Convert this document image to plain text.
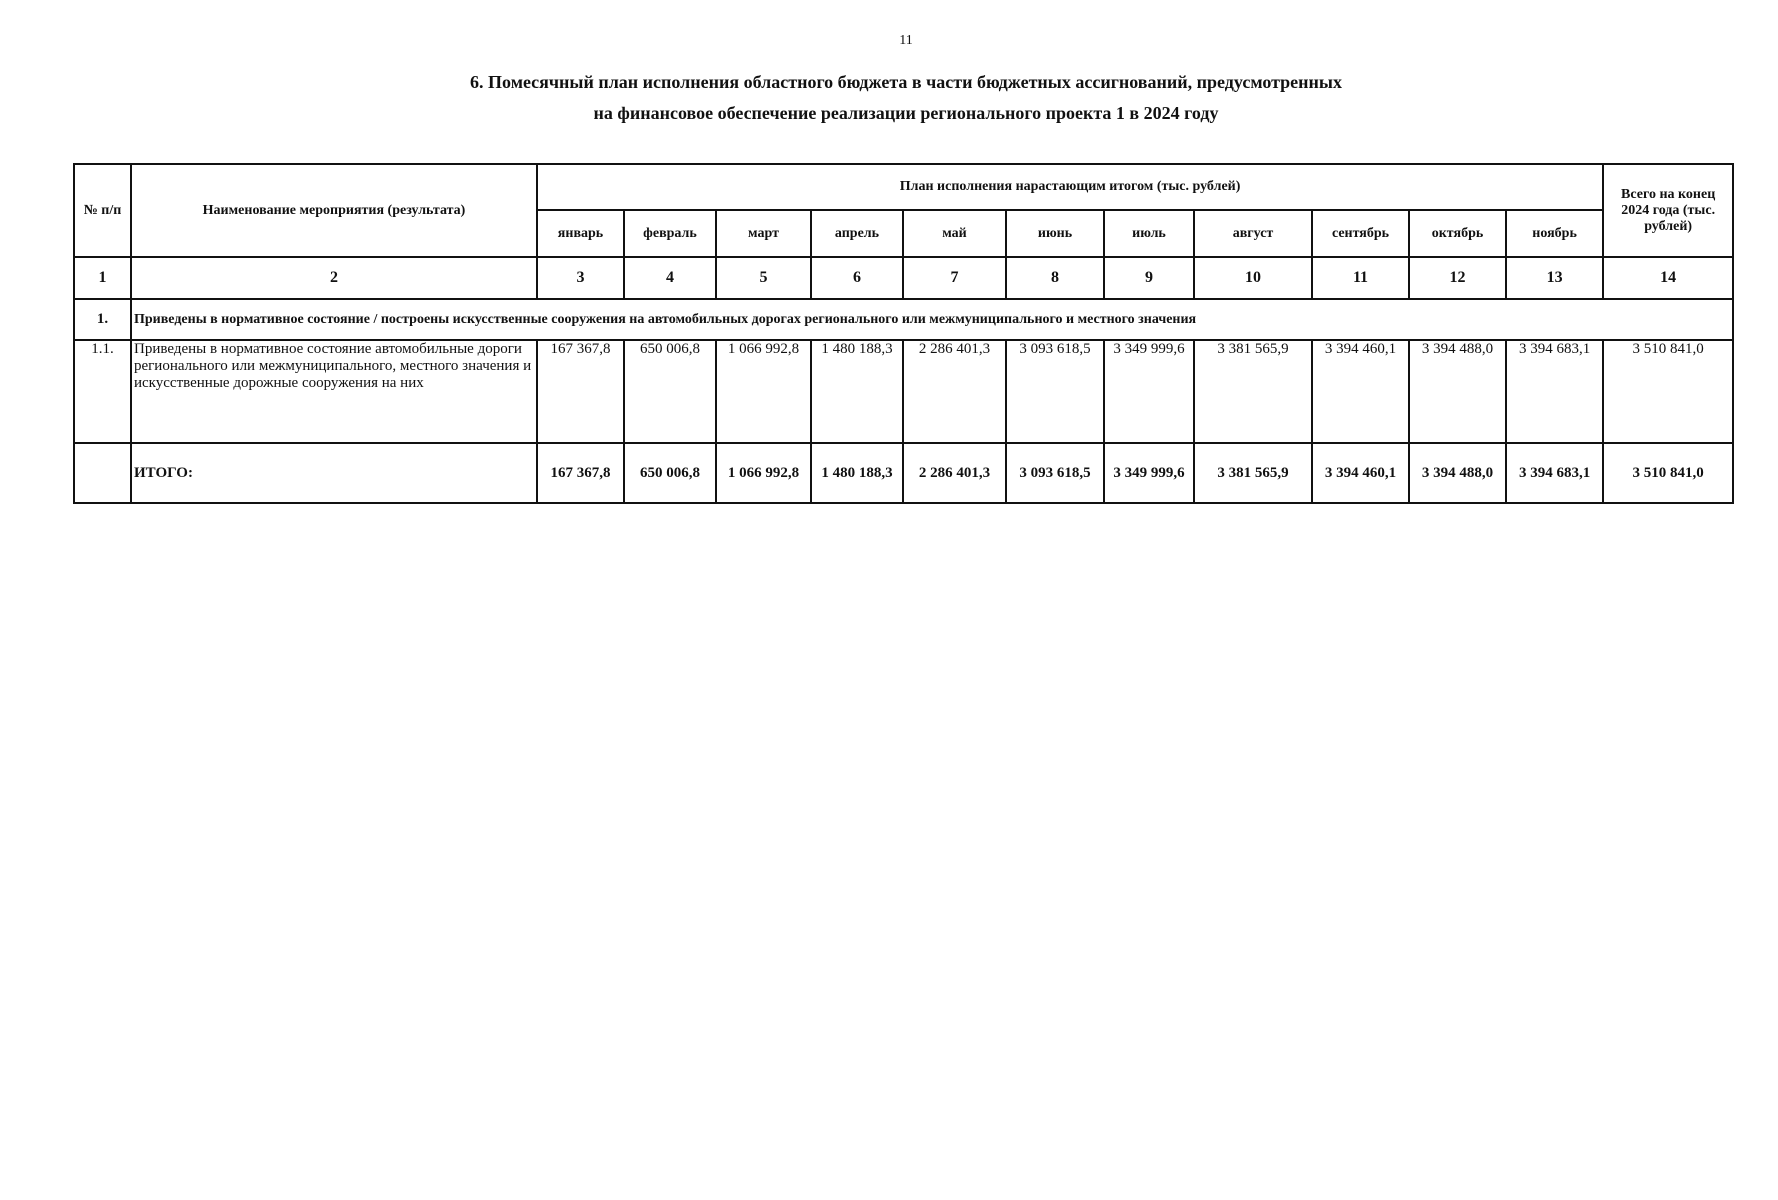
11
6. Помесячный план исполнения областного бюджета в части бюджетных ассигнований, предусмотренных
на финансовое обеспечение реализации регионального проекта 1 в 2024 году
№ п/п	Наименование мероприятия (результата)	План исполнения нарастающим итогом (тыс. рублей)											Всего на конец 2024 года (тыс. рублей)
		январь	февраль	март	апрель	май	июнь	июль	август	сентябрь	октябрь	ноябрь	
1	2	3	4	5	6	7	8	9	10	11	12	13	14
1.	Приведены в нормативное состояние / построены искусственные сооружения на автомобильных дорогах регионального или межмуниципального и местного значения												
1.1.	Приведены в нормативное состояние автомобильные дороги регионального или межмуниципального, местного значения и искусственные дорожные сооружения на них	167 367,8	650 006,8	1 066 992,8	1 480 188,3	2 286 401,3	3 093 618,5	3 349 999,6	3 381 565,9	3 394 460,1	3 394 488,0	3 394 683,1	3 510 841,0
	ИТОГО:	167 367,8	650 006,8	1 066 992,8	1 480 188,3	2 286 401,3	3 093 618,5	3 349 999,6	3 381 565,9	3 394 460,1	3 394 488,0	3 394 683,1	3 510 841,0
